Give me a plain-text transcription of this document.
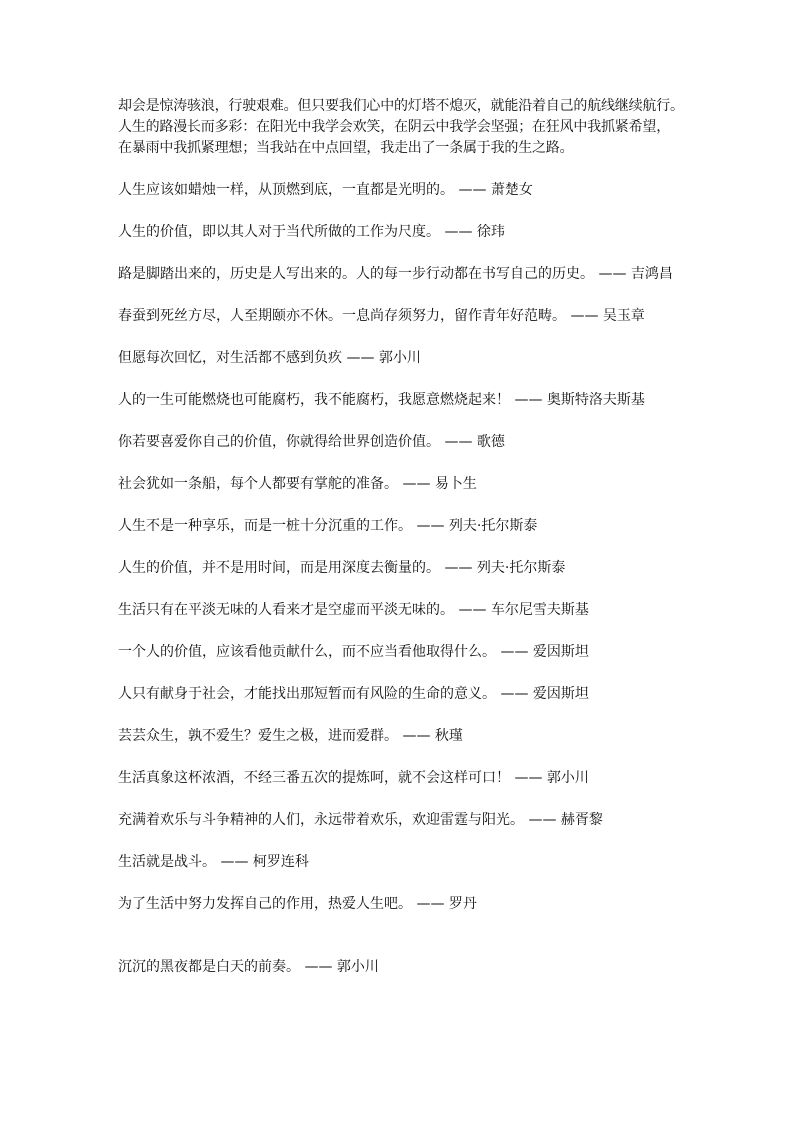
却会是惊涛骇浪，行驶艰难。但只要我们心中的灯塔不熄灭，就能沿着自己的航线继续航行。
人生的路漫长而多彩：在阳光中我学会欢笑，在阴云中我学会坚强；在狂风中我抓紧希望，
在暴雨中我抓紧理想；当我站在中点回望，我走出了一条属于我的生之路。

人生应该如蜡烛一样，从顶燃到底，一直都是光明的。 —— 萧楚女

人生的价值，即以其人对于当代所做的工作为尺度。 —— 徐玮

路是脚踏出来的，历史是人写出来的。人的每一步行动都在书写自己的历史。 —— 吉鸿昌

春蚕到死丝方尽，人至期颐亦不休。一息尚存须努力，留作青年好范畴。 —— 吴玉章

但愿每次回忆，对生活都不感到负疚 —— 郭小川

人的一生可能燃烧也可能腐朽，我不能腐朽，我愿意燃烧起来！ —— 奥斯特洛夫斯基

你若要喜爱你自己的价值，你就得给世界创造价值。 —— 歌德

社会犹如一条船，每个人都要有掌舵的准备。 —— 易卜生

人生不是一种享乐，而是一桩十分沉重的工作。 —— 列夫·托尔斯泰

人生的价值，并不是用时间，而是用深度去衡量的。 —— 列夫·托尔斯泰

生活只有在平淡无味的人看来才是空虚而平淡无味的。 —— 车尔尼雪夫斯基

一个人的价值，应该看他贡献什么，而不应当看他取得什么。 —— 爱因斯坦

人只有献身于社会，才能找出那短暂而有风险的生命的意义。 —— 爱因斯坦

芸芸众生，孰不爱生？爱生之极，进而爱群。 —— 秋瑾

生活真象这杯浓酒，不经三番五次的提炼呵，就不会这样可口！ —— 郭小川

充满着欢乐与斗争精神的人们，永远带着欢乐，欢迎雷霆与阳光。 —— 赫胥黎

生活就是战斗。 —— 柯罗连科

为了生活中努力发挥自己的作用，热爱人生吧。 —— 罗丹

沉沉的黑夜都是白天的前奏。 —— 郭小川
